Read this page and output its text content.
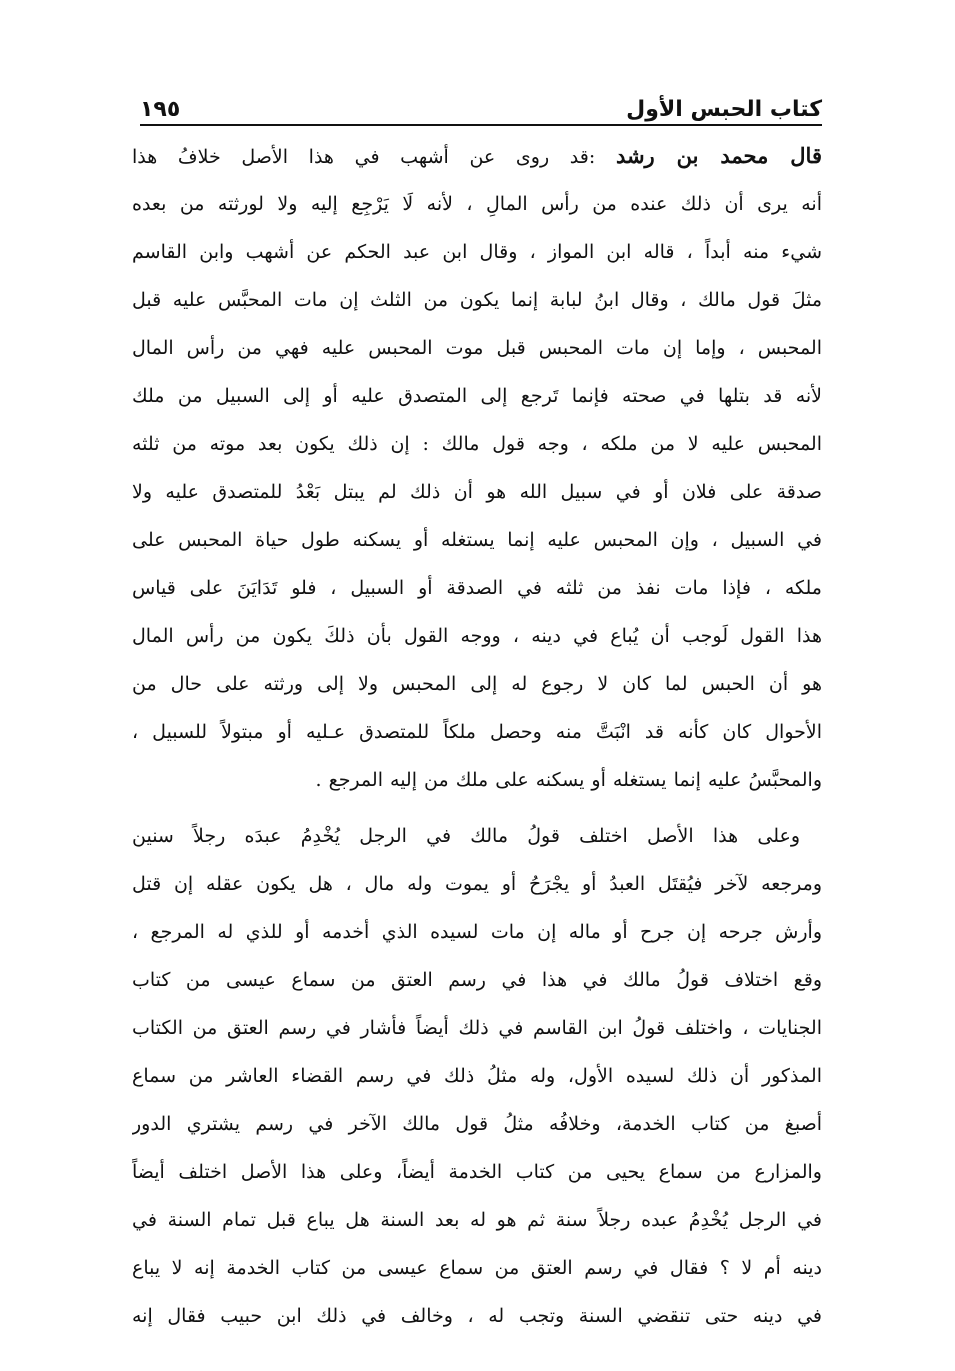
كتاب الحبس الأول
١٩٥
قال محمد بن رشد :قد روى عن أشهب في هذا الأصل خلافُ هذا
أنه يرى أن ذلك عنده من رأس المالِ ، لأنه لَا يَرْجِع إليه ولا لورثته من بعده
شيء منه أبداً ، قاله ابن المواز ، وقال ابن عبد الحكم عن أشهب وابن القاسم
مثلَ قول مالك ، وقال ابنُ لبابة إنما يكون من الثلث إن مات المحبَّس عليه قبل
المحبس ، وإما إن مات المحبس قبل موت المحبس عليه فهي من رأس المال
لأنه قد بتلها في صحته فإنما تَرجع إلى المتصدق عليه أو إلى السبيل من ملك
المحبس عليه لا من ملكه ، وجه قول مالك : إن ذلك يكون بعد موته من ثلثه
صدقة على فلان أو في سبيل الله هو أن ذلك لم يبتل بَعْدُ للمتصدق عليه ولا
في السبيل ، وإن المحبس عليه إنما يستغله أو يسكنه طول حياة المحبس على
ملكه ، فإذا مات نفذ من ثلثه في الصدقة أو السبيل ، فلو تَدَايَنَ على قياس
هذا القول لَوجب أن يُباع في دينه ، ووجه القول بأن ذلكَ يكون من رأس المال
هو أن الحبس لما كان لا رجوع له إلى المحبس ولا إلى ورثته على حال من
الأحوال كان كأنه قد انْبَتَّ منه وحصل ملكاً للمتصدق عـليه أو مبتولاً للسبيل ،
والمحبَّسُ عليه إنما يستغله أو يسكنه على ملك من إليه المرجع .
وعلى هذا الأصل اختلف قولُ مالك في الرجل يُخْدِمُ عبدَه رجلاً سنين
ومرجعه لآخر فيُقتَل العبدُ أو يجْرَحُ أو يموت وله مال ، هل يكون عقله إن قتل
وأرش جرحه إن جرح أو ماله إن مات لسيده الذي أخدمه أو للذي له المرجع ،
وقع اختلاف قولُ مالك في هذا في رسم العتق من سماع عيسى من كتاب
الجنايات ، واختلف قولُ ابن القاسم في ذلك أيضاً فأشار في رسم العتق من الكتاب
المذكور أن ذلك لسيده الأول، وله مثلُ ذلك في رسم القضاء العاشر من سماع
أصبغ من كتاب الخدمة، وخلافُه مثلُ قول مالك الآخر في رسم يشتري الدور
والمزارع من سماع يحيى من كتاب الخدمة أيضاً، وعلى هذا الأصل اختلف أيضاً
في الرجل يُخْدِمُ عبده رجلاً سنة ثم هو له بعد السنة هل يباع قبل تمام السنة في
دينه أم لا ؟ فقال في رسم العتق من سماع عيسى من كتاب الخدمة إنه لا يباع
في دينه حتى تنقضي السنة وتجب له ، وخالف في ذلك ابن حبيب فقال إنه
